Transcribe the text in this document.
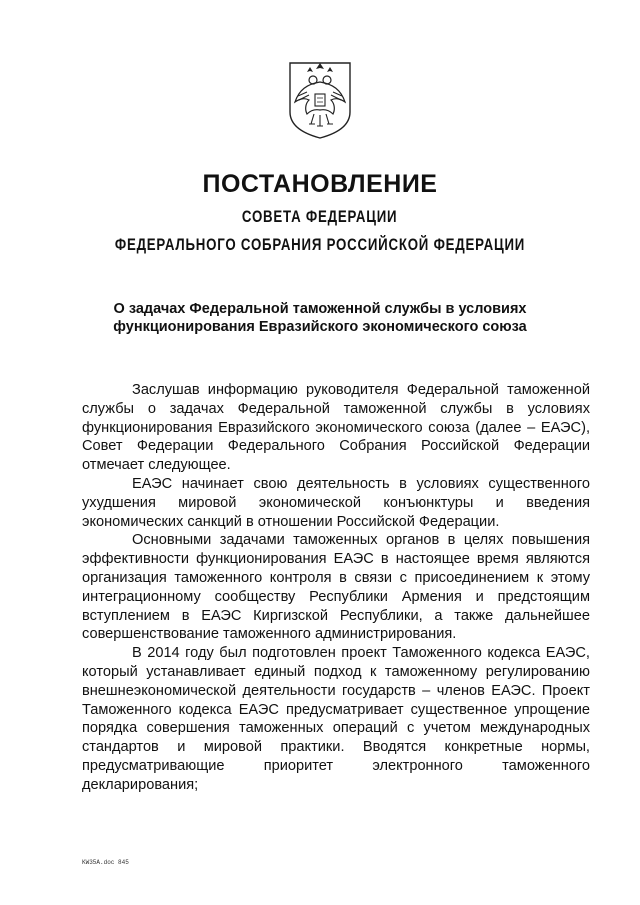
ПОСТАНОВЛЕНИЕ
СОВЕТА ФЕДЕРАЦИИ
ФЕДЕРАЛЬНОГО СОБРАНИЯ РОССИЙСКОЙ ФЕДЕРАЦИИ
О задачах Федеральной таможенной службы в условиях
функционирования Евразийского экономического союза

Заслушав информацию руководителя Федеральной таможенной службы о задачах Федеральной таможенной службы в условиях функционирования Евразийского экономического союза (далее – ЕАЭС), Совет Федерации Федерального Собрания Российской Федерации отмечает следующее.

ЕАЭС начинает свою деятельность в условиях существенного ухудшения мировой экономической конъюнктуры и введения экономических санкций в отношении Российской Федерации.

Основными задачами таможенных органов в целях повышения эффективности функционирования ЕАЭС в настоящее время являются организация таможенного контроля в связи с присоединением к этому интеграционному сообществу Республики Армения и предстоящим вступлением в ЕАЭС Киргизской Республики, а также дальнейшее совершенствование таможенного администрирования.

В 2014 году был подготовлен проект Таможенного кодекса ЕАЭС, который устанавливает единый подход к таможенному регулированию внешнеэкономической деятельности государств – членов ЕАЭС. Проект Таможенного кодекса ЕАЭС предусматривает существенное упрощение порядка совершения таможенных операций с учетом международных стандартов и мировой практики. Вводятся конкретные нормы, предусматривающие приоритет электронного таможенного декларирования;

KW35A.doc 845
